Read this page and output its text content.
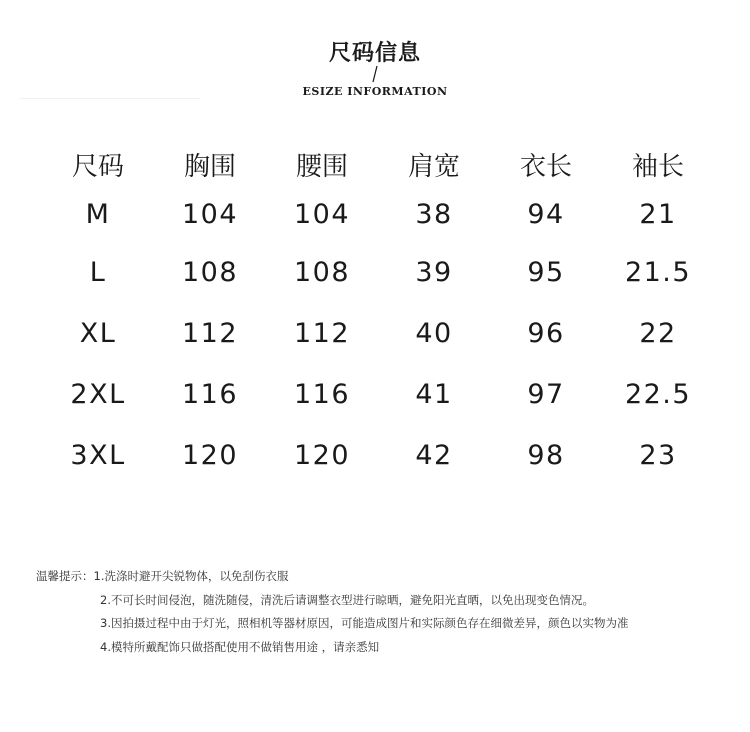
尺码信息
ESIZE INFORMATION
尺码	胸围	腰围	肩宽	衣长	袖长
M	104	104	38	94	21
L	108	108	39	95	21.5
XL	112	112	40	96	22
2XL	116	116	41	97	22.5
3XL	120	120	42	98	23
温馨提示：1.洗涤时避开尖锐物体，以免刮伤衣服
2.不可长时间侵泡，随洗随侵，清洗后请调整衣型进行晾晒，避免阳光直晒，以免出现变色情况。
3.因拍摄过程中由于灯光，照相机等器材原因，可能造成图片和实际颜色存在细微差异，颜色以实物为准
4.模特所戴配饰只做搭配使用不做销售用途 ，请亲悉知
